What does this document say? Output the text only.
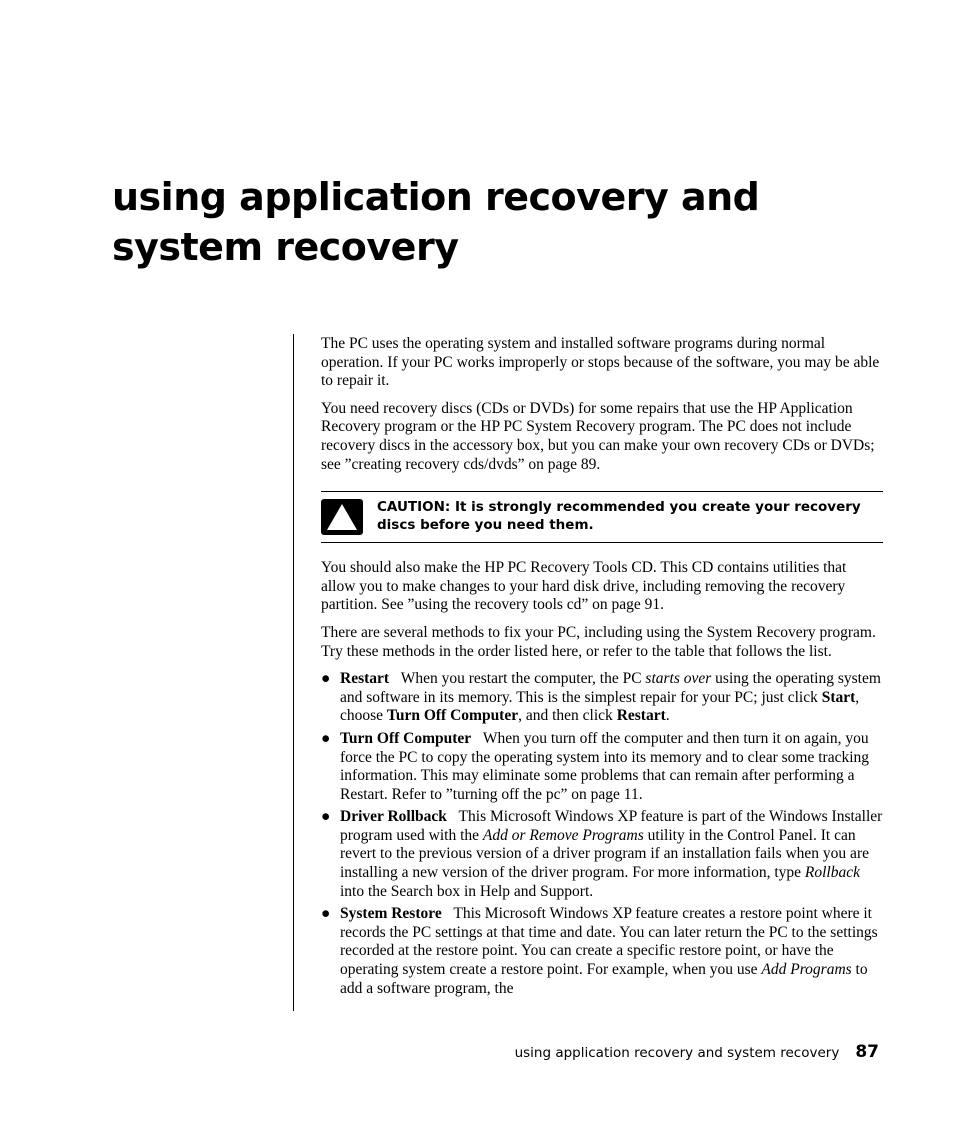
using application recovery and
system recovery

The PC uses the operating system and installed software programs during normal operation. If your PC works improperly or stops because of the software, you may be able to repair it.

You need recovery discs (CDs or DVDs) for some repairs that use the HP Application Recovery program or the HP PC System Recovery program. The PC does not include recovery discs in the accessory box, but you can make your own recovery CDs or DVDs; see ”creating recovery cds/dvds” on page 89.

CAUTION: It is strongly recommended you create your recovery discs before you need them.

You should also make the HP PC Recovery Tools CD. This CD contains utilities that allow you to make changes to your hard disk drive, including removing the recovery partition. See ”using the recovery tools cd” on page 91.

There are several methods to fix your PC, including using the System Recovery program. Try these methods in the order listed here, or refer to the table that follows the list.

● Restart When you restart the computer, the PC starts over using the operating system and software in its memory. This is the simplest repair for your PC; just click Start, choose Turn Off Computer, and then click Restart.
● Turn Off Computer When you turn off the computer and then turn it on again, you force the PC to copy the operating system into its memory and to clear some tracking information. This may eliminate some problems that can remain after performing a Restart. Refer to ”turning off the pc” on page 11.
● Driver Rollback This Microsoft Windows XP feature is part of the Windows Installer program used with the Add or Remove Programs utility in the Control Panel. It can revert to the previous version of a driver program if an installation fails when you are installing a new version of the driver program. For more information, type Rollback into the Search box in Help and Support.
● System Restore This Microsoft Windows XP feature creates a restore point where it records the PC settings at that time and date. You can later return the PC to the settings recorded at the restore point. You can create a specific restore point, or have the operating system create a restore point. For example, when you use Add Programs to add a software program, the
using application recovery and system recovery 87
